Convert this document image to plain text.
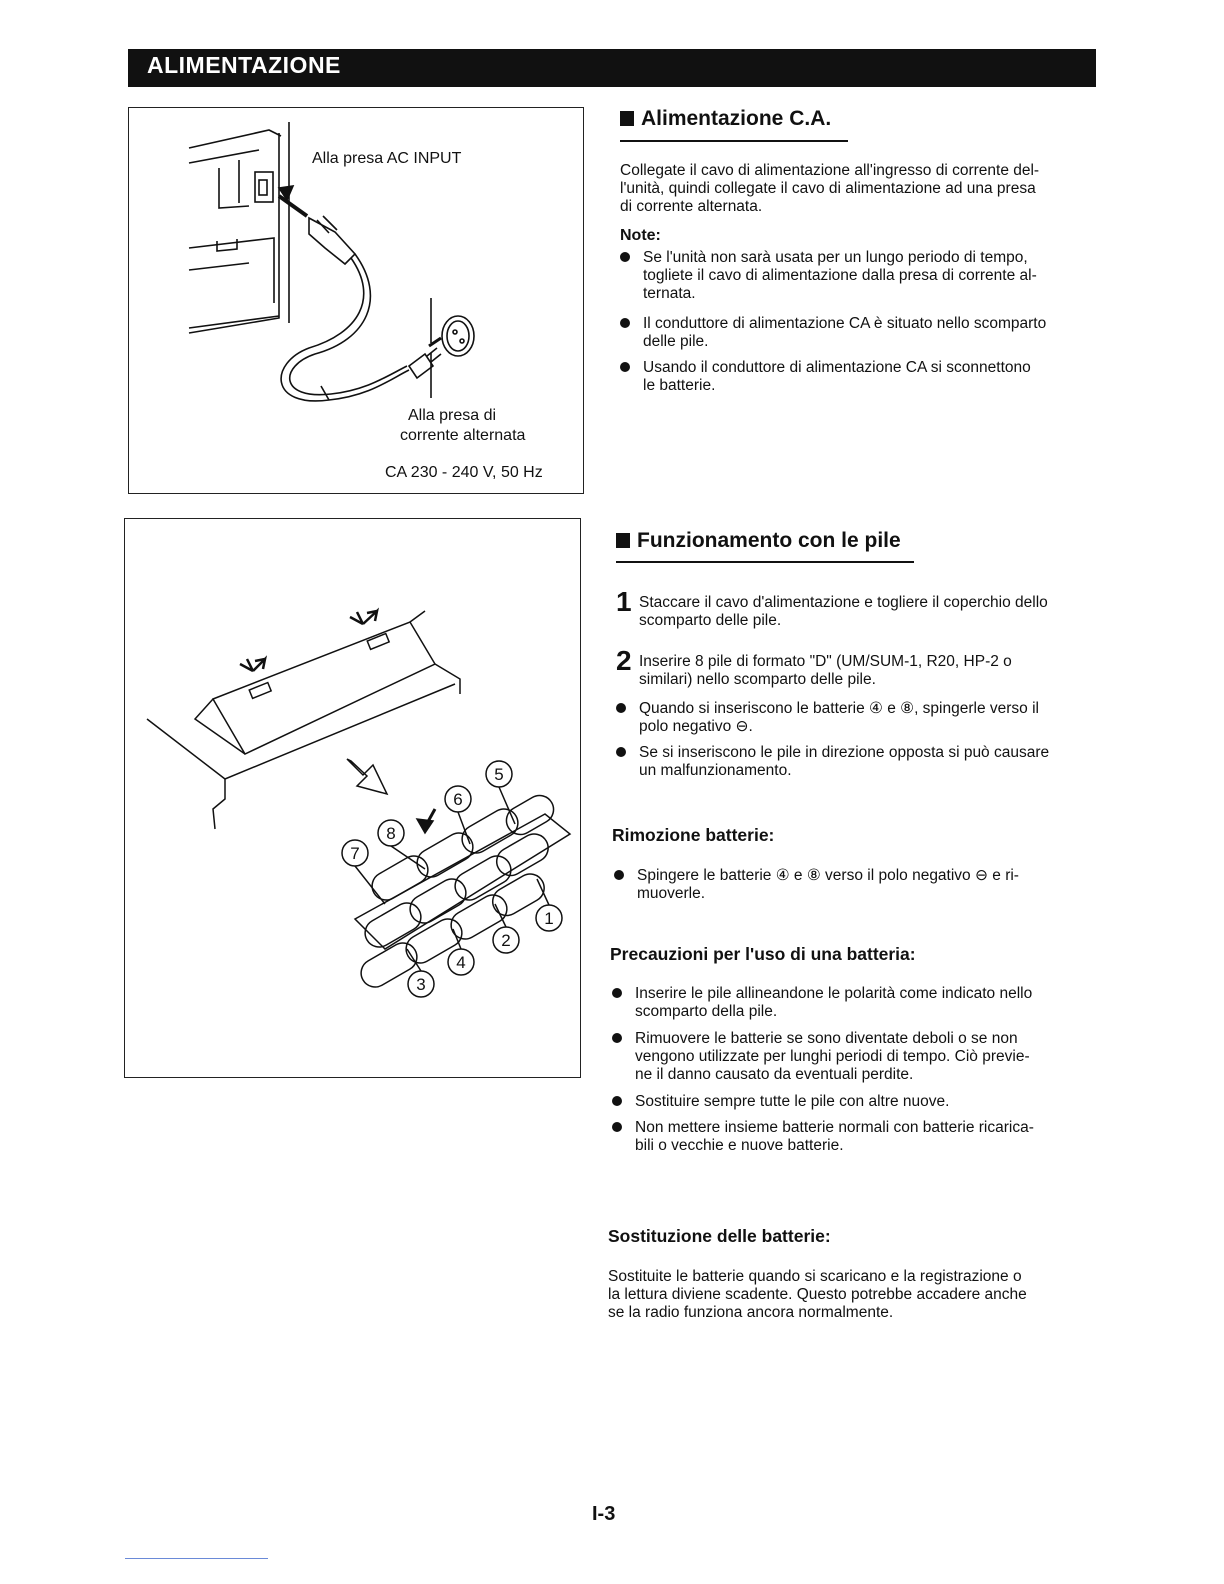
ALIMENTAZIONE
Alla presa AC INPUT
Alla presa di
corrente alternata
CA 230 - 240 V, 50 Hz
5
6
8
7
1
2
4
3
Alimentazione C.A.

Collegate il cavo di alimentazione all'ingresso di corrente del-

l'unità, quindi collegate il cavo di alimentazione ad una presa

di corrente alternata.

Note:
Se l'unità non sarà usata per un lungo periodo di tempo,
togliete il cavo di alimentazione dalla presa di corrente al-
ternata.
Il conduttore di alimentazione CA è situato nello scomparto
delle pile.
Usando il conduttore di alimentazione CA si sconnettono
le batterie.
Funzionamento con le pile
1 Staccare il cavo d'alimentazione e togliere il coperchio dello

scomparto delle pile.

2 Inserire 8 pile di formato "D" (UM/SUM-1, R20, HP-2 o

similari) nello scomparto delle pile.

Quando si inseriscono le batterie ④ e ⑧, spingerle verso il
polo negativo ⊖.
Se si inseriscono le pile in direzione opposta si può causare
un malfunzionamento.
Rimozione batterie:
Spingere le batterie ④ e ⑧ verso il polo negativo ⊖ e ri-
muoverle.
Precauzioni per l'uso di una batteria:
Inserire le pile allineandone le polarità come indicato nello
scomparto della pile.
Rimuovere le batterie se sono diventate deboli o se non
vengono utilizzate per lunghi periodi di tempo. Ciò previe-
ne il danno causato da eventuali perdite.
Sostituire sempre tutte le pile con altre nuove.
Non mettere insieme batterie normali con batterie ricarica-
bili o vecchie e nuove batterie.
Sostituzione delle batterie:

Sostituite le batterie quando si scaricano e la registrazione o

la lettura diviene scadente. Questo potrebbe accadere anche

se la radio funziona ancora normalmente.

I-3
